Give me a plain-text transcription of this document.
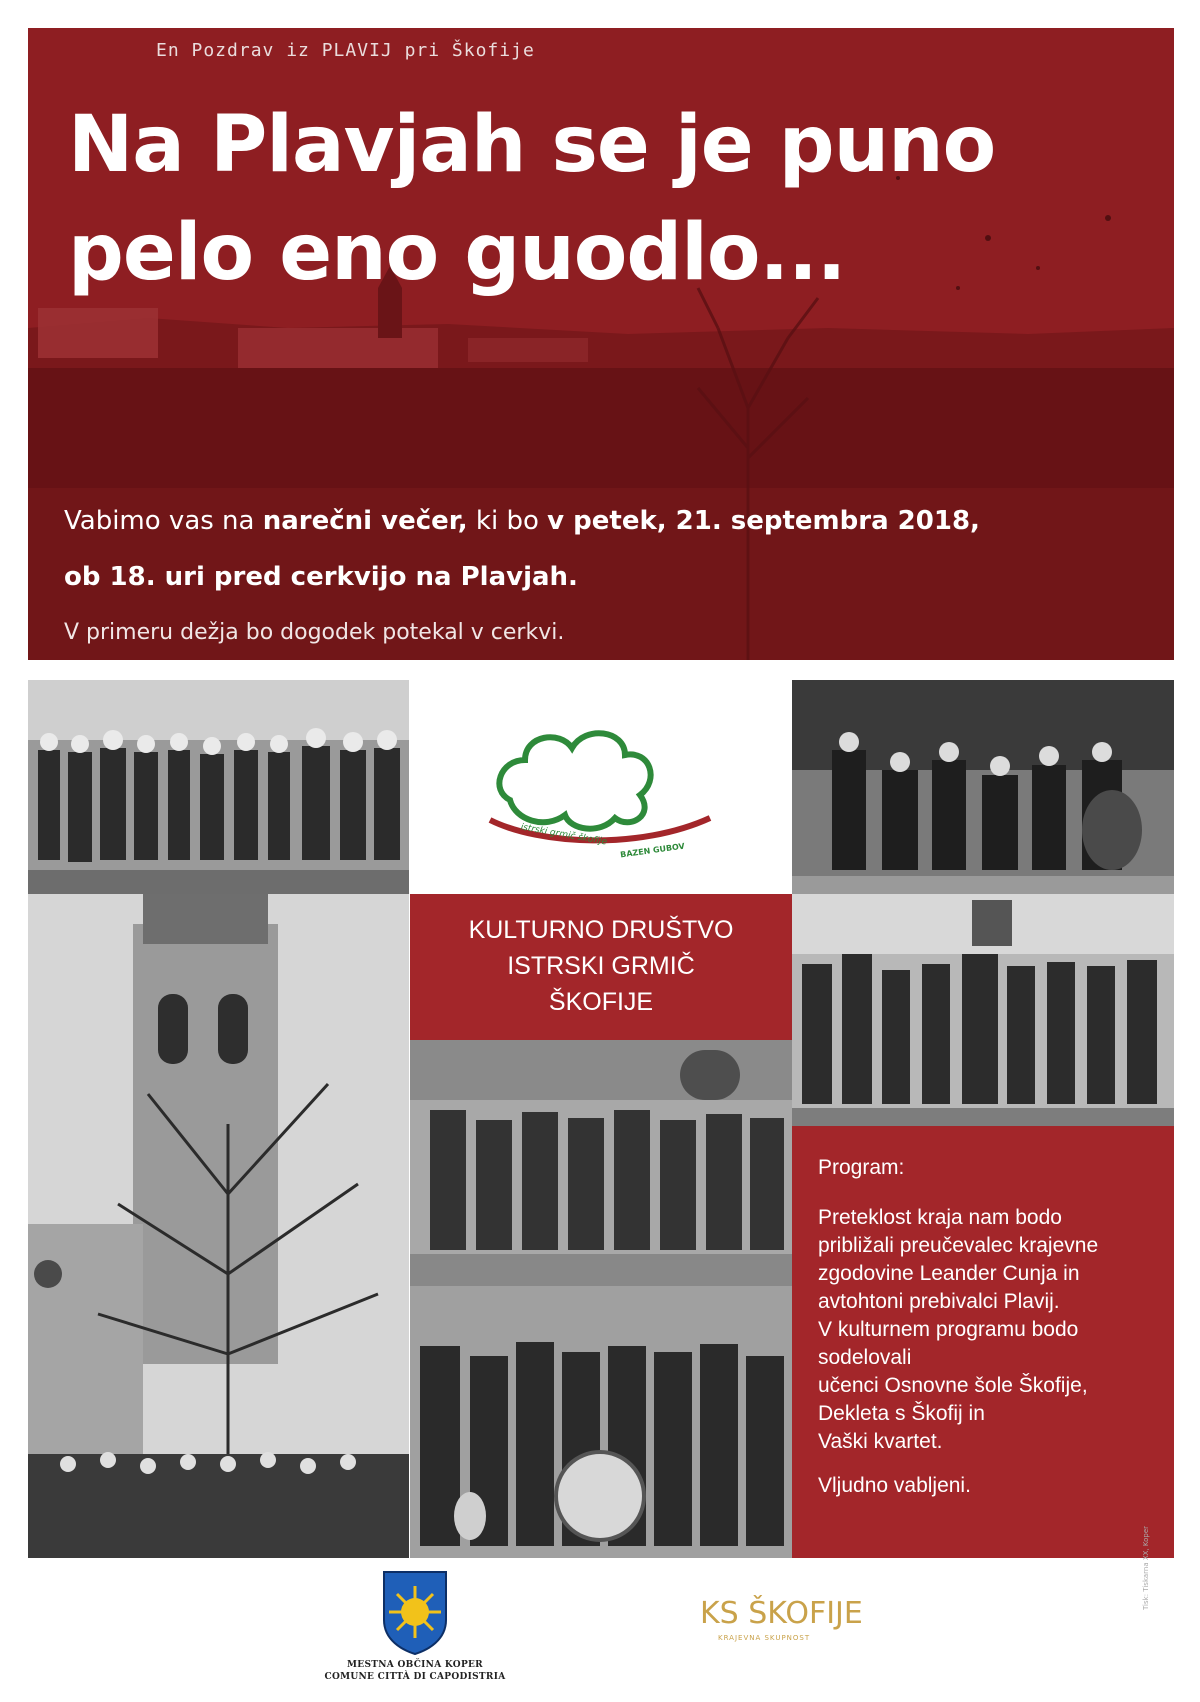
En Pozdrav iz PLAVIJ pri Škofije
Na Plavjah se je puno
pelo eno guodlo...
Vabimo vas na narečni večer, ki bo v petek, 21. septembra 2018,
ob 18. uri pred cerkvijo na Plavjah.
V primeru dežja bo dogodek potekal v cerkvi.
istrski grmič škofije
BAZEN GUBOV
KULTURNO DRUŠTVO
ISTRSKI GRMIČ
ŠKOFIJE
Program:
Preteklost kraja nam bodo
približali preučevalec krajevne
zgodovine Leander Cunja in
avtohtoni prebivalci Plavij.
V kulturnem programu bodo
sodelovali
učenci Osnovne šole Škofije,
Dekleta s Škofij in
Vaški kvartet.
Vljudno vabljeni.
MESTNA OBČINA KOPER
COMUNE CITTÀ DI CAPODISTRIA
KS ŠKOFIJE
KRAJEVNA SKUPNOST
Tisk: Tiskarna XX, Koper
